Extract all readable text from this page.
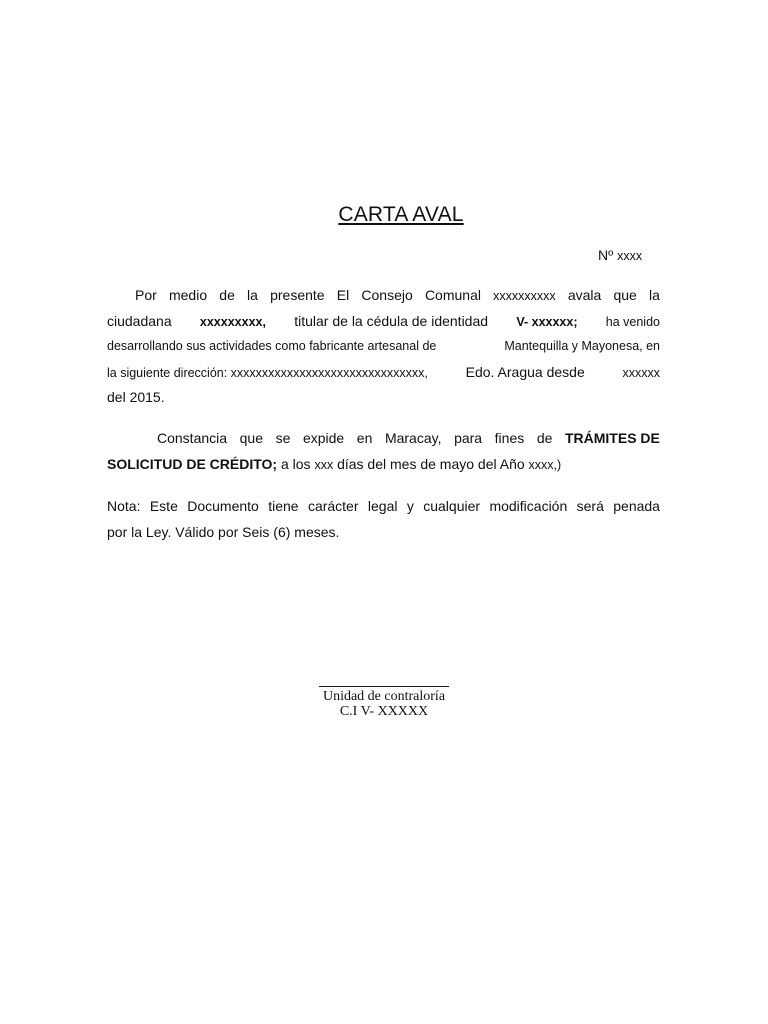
CARTA AVAL
Nº xxxx
Por medio de la presente El Consejo Comunal xxxxxxxxxx avala que la
ciudadana xxxxxxxxx, titular de la cédula de identidad V- xxxxxx; ha venido
desarrollando sus actividades como fabricante artesanal de	Mantequilla y Mayonesa, en
la siguiente dirección: xxxxxxxxxxxxxxxxxxxxxxxxxxxxxxx,	Edo. Aragua desde	xxxxxx
del 2015.
Constancia que se expide en Maracay, para fines de TRÁMITES DE
SOLICITUD DE CRÉDITO; a los xxx días del mes de mayo del Año xxxx,)
Nota: Este Documento tiene carácter legal y cualquier modificación será penada
por la Ley. Válido por Seis (6) meses.
Unidad de contraloría
C.I V- XXXXX
